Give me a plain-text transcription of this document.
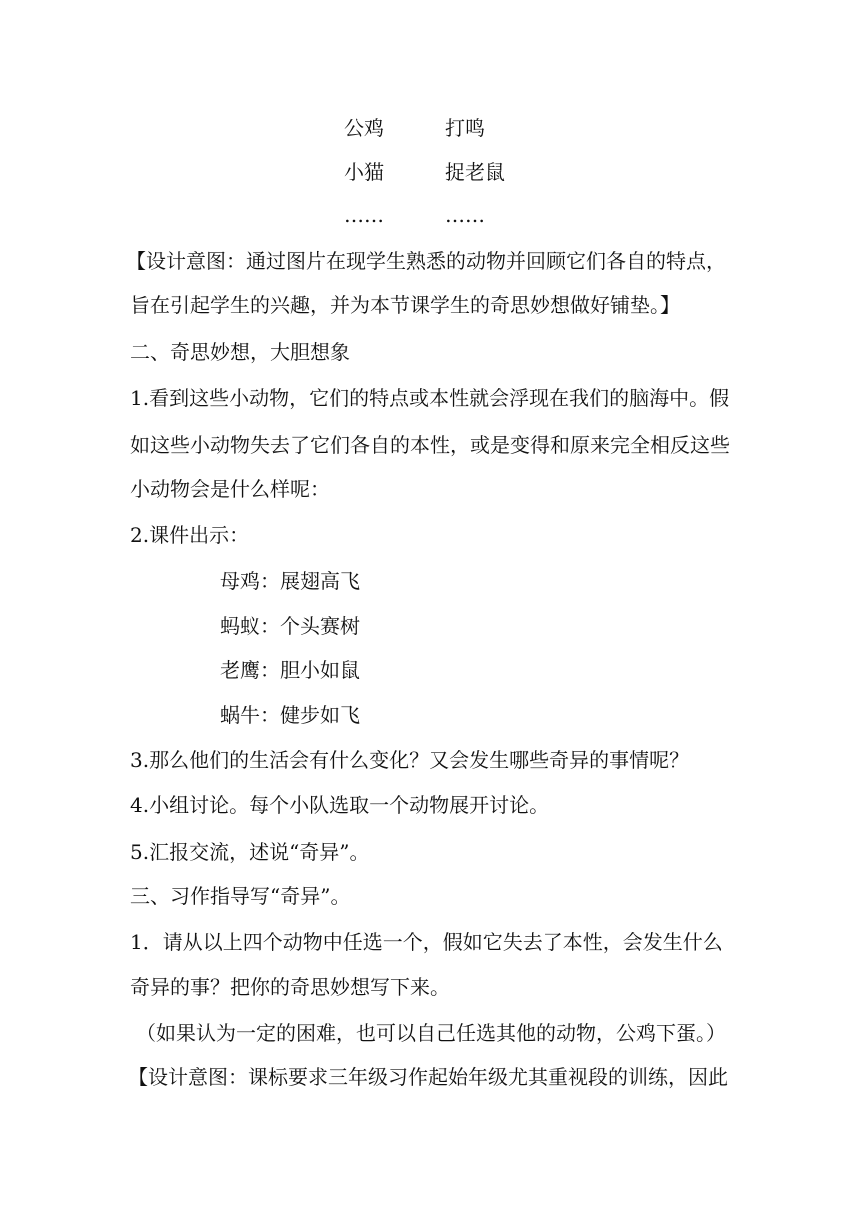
公鸡	打鸣
小猫	捉老鼠
……	……
【设计意图：通过图片在现学生熟悉的动物并回顾它们各自的特点，
旨在引起学生的兴趣，并为本节课学生的奇思妙想做好铺垫。】
二、奇思妙想，大胆想象
1.看到这些小动物，它们的特点或本性就会浮现在我们的脑海中。假
如这些小动物失去了它们各自的本性，或是变得和原来完全相反这些
小动物会是什么样呢：
2.课件出示：
母鸡：展翅高飞
蚂蚁：个头赛树
老鹰：胆小如鼠
蜗牛：健步如飞
3.那么他们的生活会有什么变化？又会发生哪些奇异的事情呢？
4.小组讨论。每个小队选取一个动物展开讨论。
5.汇报交流，述说“奇异”。
三、习作指导写“奇异”。
1．请从以上四个动物中任选一个，假如它失去了本性，会发生什么
奇异的事？把你的奇思妙想写下来。
（如果认为一定的困难，也可以自己任选其他的动物，公鸡下蛋。）
【设计意图：课标要求三年级习作起始年级尤其重视段的训练，因此
